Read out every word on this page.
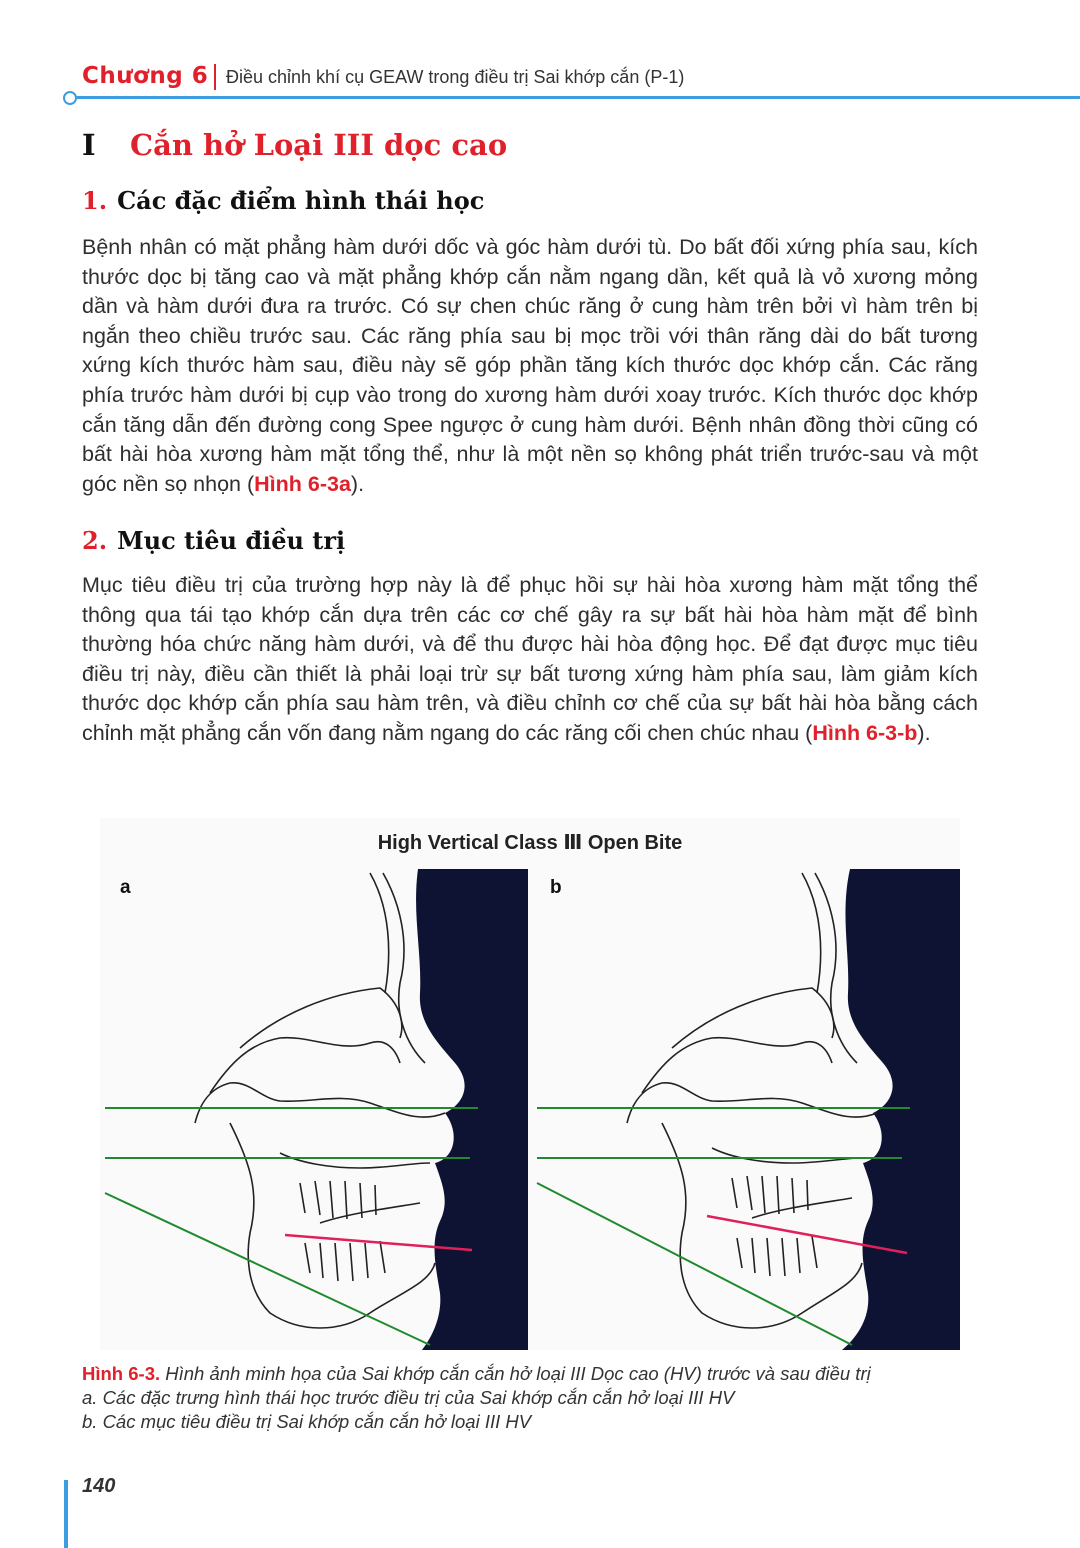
Chương 6 Điều chỉnh khí cụ GEAW trong điều trị Sai khớp cắn (P-1)
I Cắn hở Loại III dọc cao
1. Các đặc điểm hình thái học

Bệnh nhân có mặt phẳng hàm dưới dốc và góc hàm dưới tù. Do bất đối xứng phía sau, kích thước dọc bị tăng cao và mặt phẳng khớp cắn nằm ngang dần, kết quả là vỏ xương mỏng dần và hàm dưới đưa ra trước. Có sự chen chúc răng ở cung hàm trên bởi vì hàm trên bị ngắn theo chiều trước sau. Các răng phía sau bị mọc trồi với thân răng dài do bất tương xứng kích thước hàm sau, điều này sẽ góp phần tăng kích thước dọc khớp cắn. Các răng phía trước hàm dưới bị cụp vào trong do xương hàm dưới xoay trước. Kích thước dọc khớp cắn tăng dẫn đến đường cong Spee ngược ở cung hàm dưới. Bệnh nhân đồng thời cũng có bất hài hòa xương hàm mặt tổng thể, như là một nền sọ không phát triển trước-sau và một góc nền sọ nhọn (Hình 6-3a).

2. Mục tiêu điều trị

Mục tiêu điều trị của trường hợp này là để phục hồi sự hài hòa xương hàm mặt tổng thể thông qua tái tạo khớp cắn dựa trên các cơ chế gây ra sự bất hài hòa hàm mặt để bình thường hóa chức năng hàm dưới, và để thu được hài hòa động học. Để đạt được mục tiêu điều trị này, điều cần thiết là phải loại trừ sự bất tương xứng hàm phía sau, làm giảm kích thước dọc khớp cắn phía sau hàm trên, và điều chỉnh cơ chế của sự bất hài hòa bằng cách chỉnh mặt phẳng cắn vốn đang nằm ngang do các răng cối chen chúc nhau (Hình 6-3-b).

High Vertical Class Ⅲ Open Bite
a	b
Hình 6-3. Hình ảnh minh họa của Sai khớp cắn cắn hở loại III Dọc cao (HV) trước và sau điều trị
a. Các đặc trưng hình thái học trước điều trị của Sai khớp cắn cắn hở loại III HV
b. Các mục tiêu điều trị Sai khớp cắn cắn hở loại III HV
140
